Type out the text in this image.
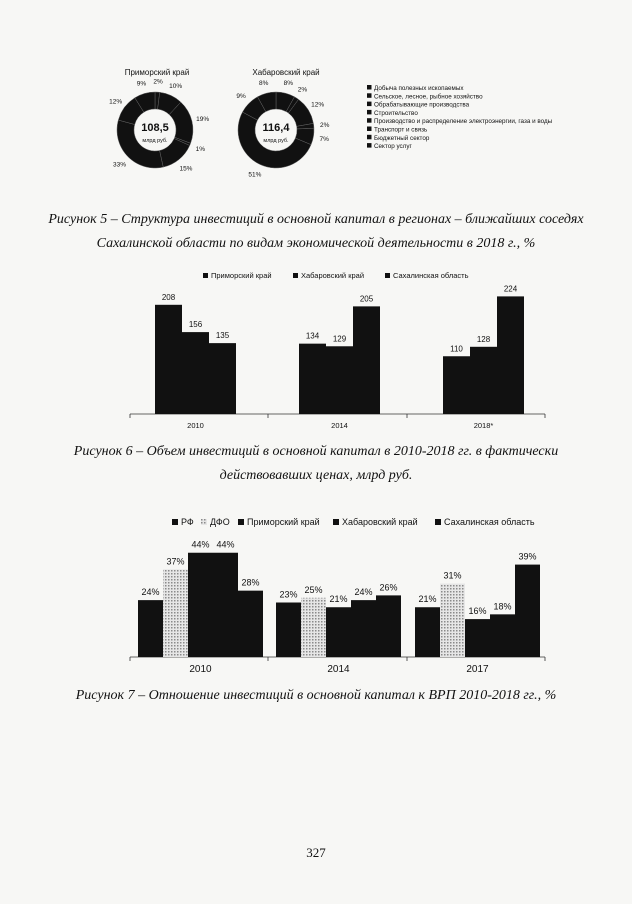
Приморский край
2%
10%
19%
1%
15%
33%
12%
9%
108,5
млрд руб.
Хабаровский край
8%
2%
12%
2%
7%
51%
9%
8%
116,4
млрд руб.
Добыча полезных ископаемых
Сельское, лесное, рыбное хозяйство
Обрабатывающие производства
Строительство
Производство и распределение электроэнергии, газа и воды
Транспорт и связь
Бюджетный сектор
Сектор услуг
Рисунок 5 – Структура инвестиций в основной капитал в регионах – ближайших соседях
Сахалинской области по видам экономической деятельности в 2018 г., %
Приморский край	Хабаровский край	Сахалинская область
208
156
135
2010
134 129
205
2014
110
128
224
2018*
Рисунок 6 – Объем инвестиций в основной капитал в 2010-2018 гг. в фактически
действовавших ценах, млрд руб.
РФ ДФО Приморский край Хабаровский край	Сахалинская область
24%
37%
44% 44%
28%
2010
23% 25%
21%
24% 26%
2014
21%
31%
16% 18%
39%
2017
Рисунок 7 – Отношение инвестиций в основной капитал к ВРП 2010-2018 гг., %
327
